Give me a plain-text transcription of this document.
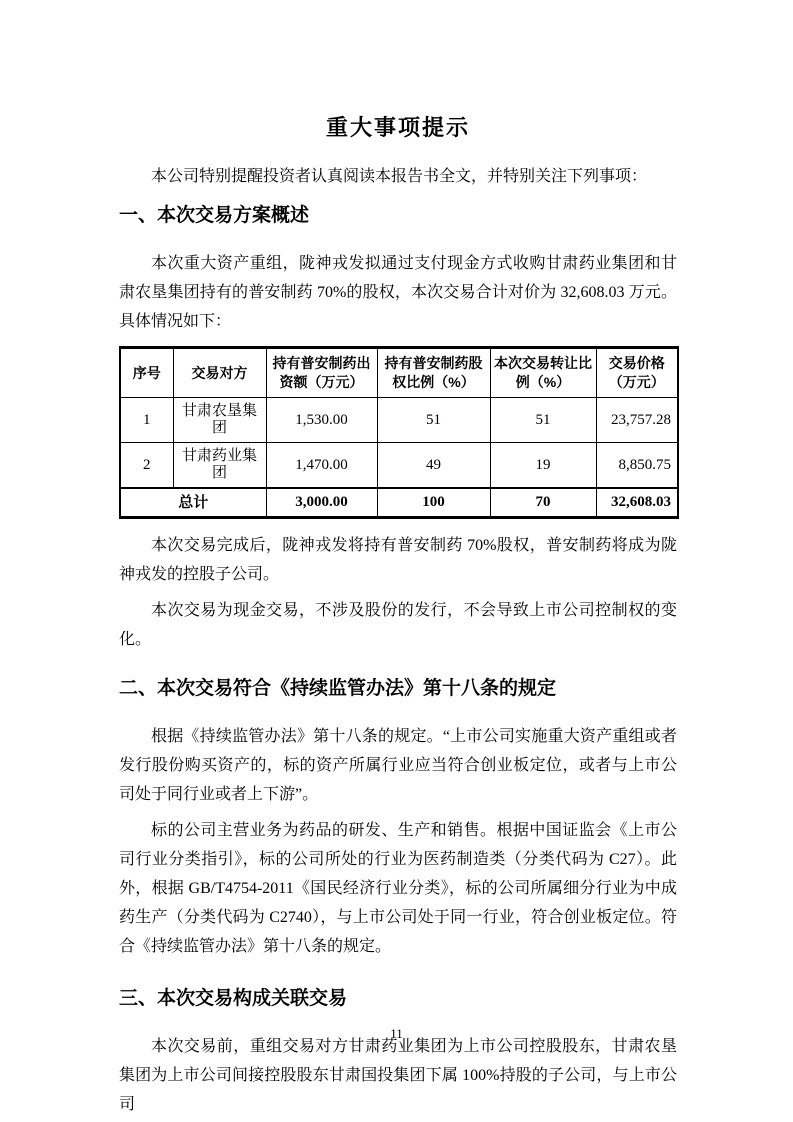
重大事项提示

本公司特别提醒投资者认真阅读本报告书全文，并特别关注下列事项：

一、本次交易方案概述

本次重大资产重组，陇神戎发拟通过支付现金方式收购甘肃药业集团和甘肃农垦集团持有的普安制药 70%的股权，本次交易合计对价为 32,608.03 万元。具体情况如下：

序号	交易对方	持有普安制药出资额（万元）	持有普安制药股权比例（%）	本次交易转让比例（%）	交易价格（万元）
1	甘肃农垦集团	1,530.00	51	51	23,757.28
2	甘肃药业集团	1,470.00	49	19	8,850.75
总计		3,000.00	100	70	32,608.03

本次交易完成后，陇神戎发将持有普安制药 70%股权，普安制药将成为陇神戎发的控股子公司。

本次交易为现金交易，不涉及股份的发行，不会导致上市公司控制权的变化。

二、本次交易符合《持续监管办法》第十八条的规定

根据《持续监管办法》第十八条的规定。“上市公司实施重大资产重组或者发行股份购买资产的，标的资产所属行业应当符合创业板定位，或者与上市公司处于同行业或者上下游”。

标的公司主营业务为药品的研发、生产和销售。根据中国证监会《上市公司行业分类指引》，标的公司所处的行业为医药制造类（分类代码为 C27）。此外，根据 GB/T4754-2011《国民经济行业分类》，标的公司所属细分行业为中成药生产（分类代码为 C2740），与上市公司处于同一行业，符合创业板定位。符合《持续监管办法》第十八条的规定。

三、本次交易构成关联交易

本次交易前，重组交易对方甘肃药业集团为上市公司控股股东，甘肃农垦集团为上市公司间接控股股东甘肃国投集团下属 100%持股的子公司，与上市公司

11
